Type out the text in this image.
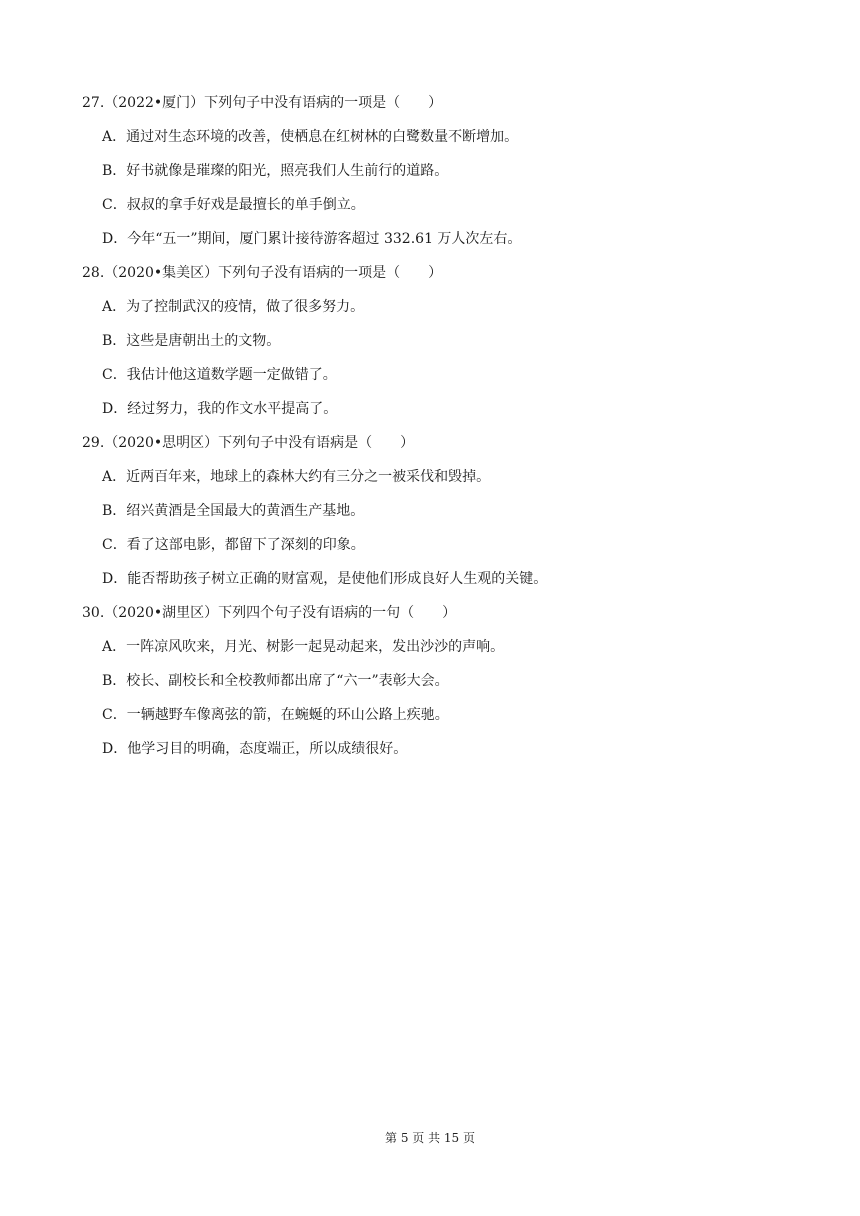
27.（2022•厦门）下列句子中没有语病的一项是（　　）
A．通过对生态环境的改善，使栖息在红树林的白鹭数量不断增加。
B．好书就像是璀璨的阳光，照亮我们人生前行的道路。
C．叔叔的拿手好戏是最擅长的单手倒立。
D．今年“五一”期间，厦门累计接待游客超过 332.61 万人次左右。
28.（2020•集美区）下列句子没有语病的一项是（　　）
A．为了控制武汉的疫情，做了很多努力。
B．这些是唐朝出土的文物。
C．我估计他这道数学题一定做错了。
D．经过努力，我的作文水平提高了。
29.（2020•思明区）下列句子中没有语病是（　　）
A．近两百年来，地球上的森林大约有三分之一被采伐和毁掉。
B．绍兴黄酒是全国最大的黄酒生产基地。
C．看了这部电影，都留下了深刻的印象。
D．能否帮助孩子树立正确的财富观，是使他们形成良好人生观的关键。
30.（2020•湖里区）下列四个句子没有语病的一句（　　）
A．一阵凉风吹来，月光、树影一起晃动起来，发出沙沙的声响。
B．校长、副校长和全校教师都出席了“六一”表彰大会。
C．一辆越野车像离弦的箭，在蜿蜒的环山公路上疾驰。
D．他学习目的明确，态度端正，所以成绩很好。
第 5 页 共 15 页
